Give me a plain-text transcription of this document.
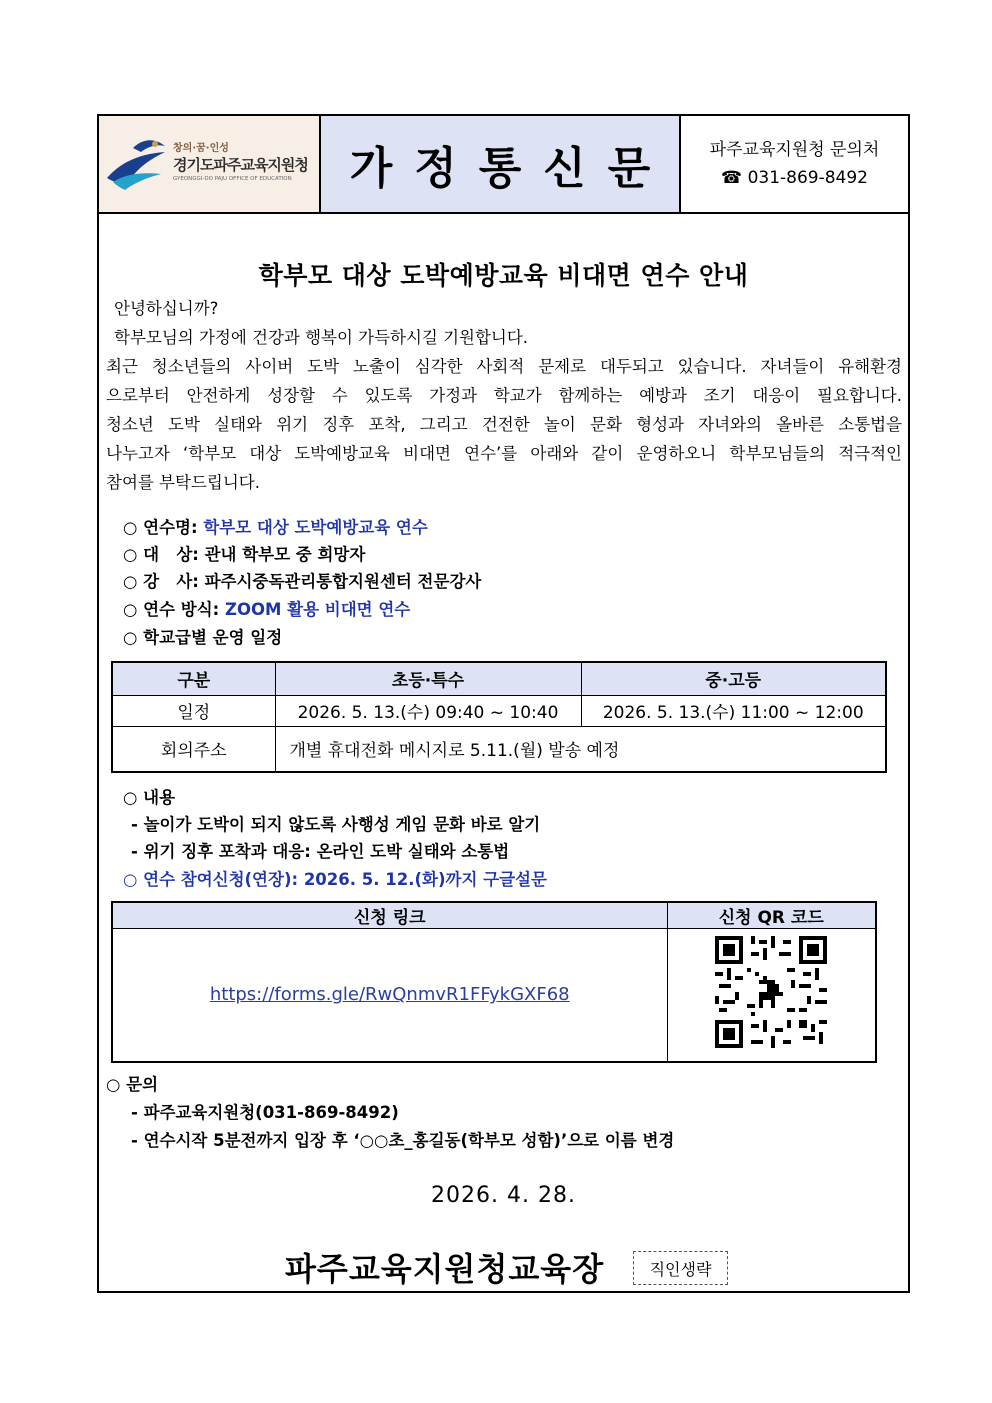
창의·꿈·인성
경기도파주교육지원청
GYEONGGI-DO PAJU OFFICE OF EDUCATION 가정통신문 파주교육지원청 문의처
☎ 031-869-8492
학부모 대상 도박예방교육 비대면 연수 안내
안녕하십니까?
학부모님의 가정에 건강과 행복이 가득하시길 기원합니다.
최근 청소년들의 사이버 도박 노출이 심각한 사회적 문제로 대두되고 있습니다. 자녀들이 유해환경
으로부터 안전하게 성장할 수 있도록 가정과 학교가 함께하는 예방과 조기 대응이 필요합니다.
청소년 도박 실태와 위기 징후 포착, 그리고 건전한 놀이 문화 형성과 자녀와의 올바른 소통법을
나누고자 ‘학부모 대상 도박예방교육 비대면 연수’를 아래와 같이 운영하오니 학부모님들의 적극적인
참여를 부탁드립니다.
○ 연수명: 학부모 대상 도박예방교육 연수
○ 대   상: 관내 학부모 중 희망자
○ 강   사: 파주시중독관리통합지원센터 전문강사
○ 연수 방식: ZOOM 활용 비대면 연수
○ 학교급별 운영 일정
구분	초등·특수	중·고등
일정	2026. 5. 13.(수) 09:40 ~ 10:40	2026. 5. 13.(수) 11:00 ~ 12:00
회의주소	개별 휴대전화 메시지로 5.11.(월) 발송 예정	
○ 내용
- 놀이가 도박이 되지 않도록 사행성 게임 문화 바로 알기
- 위기 징후 포착과 대응: 온라인 도박 실태와 소통법
○ 연수 참여신청(연장): 2026. 5. 12.(화)까지 구글설문
신청 링크	신청 QR 코드
https://forms.gle/RwQnmvR1FFykGXF68	
○ 문의
- 파주교육지원청(031-869-8492)
- 연수시작 5분전까지 입장 후 ‘○○초_홍길동(학부모 성함)’으로 이름 변경
2026. 4. 28.
파주교육지원청교육장	직인생략
